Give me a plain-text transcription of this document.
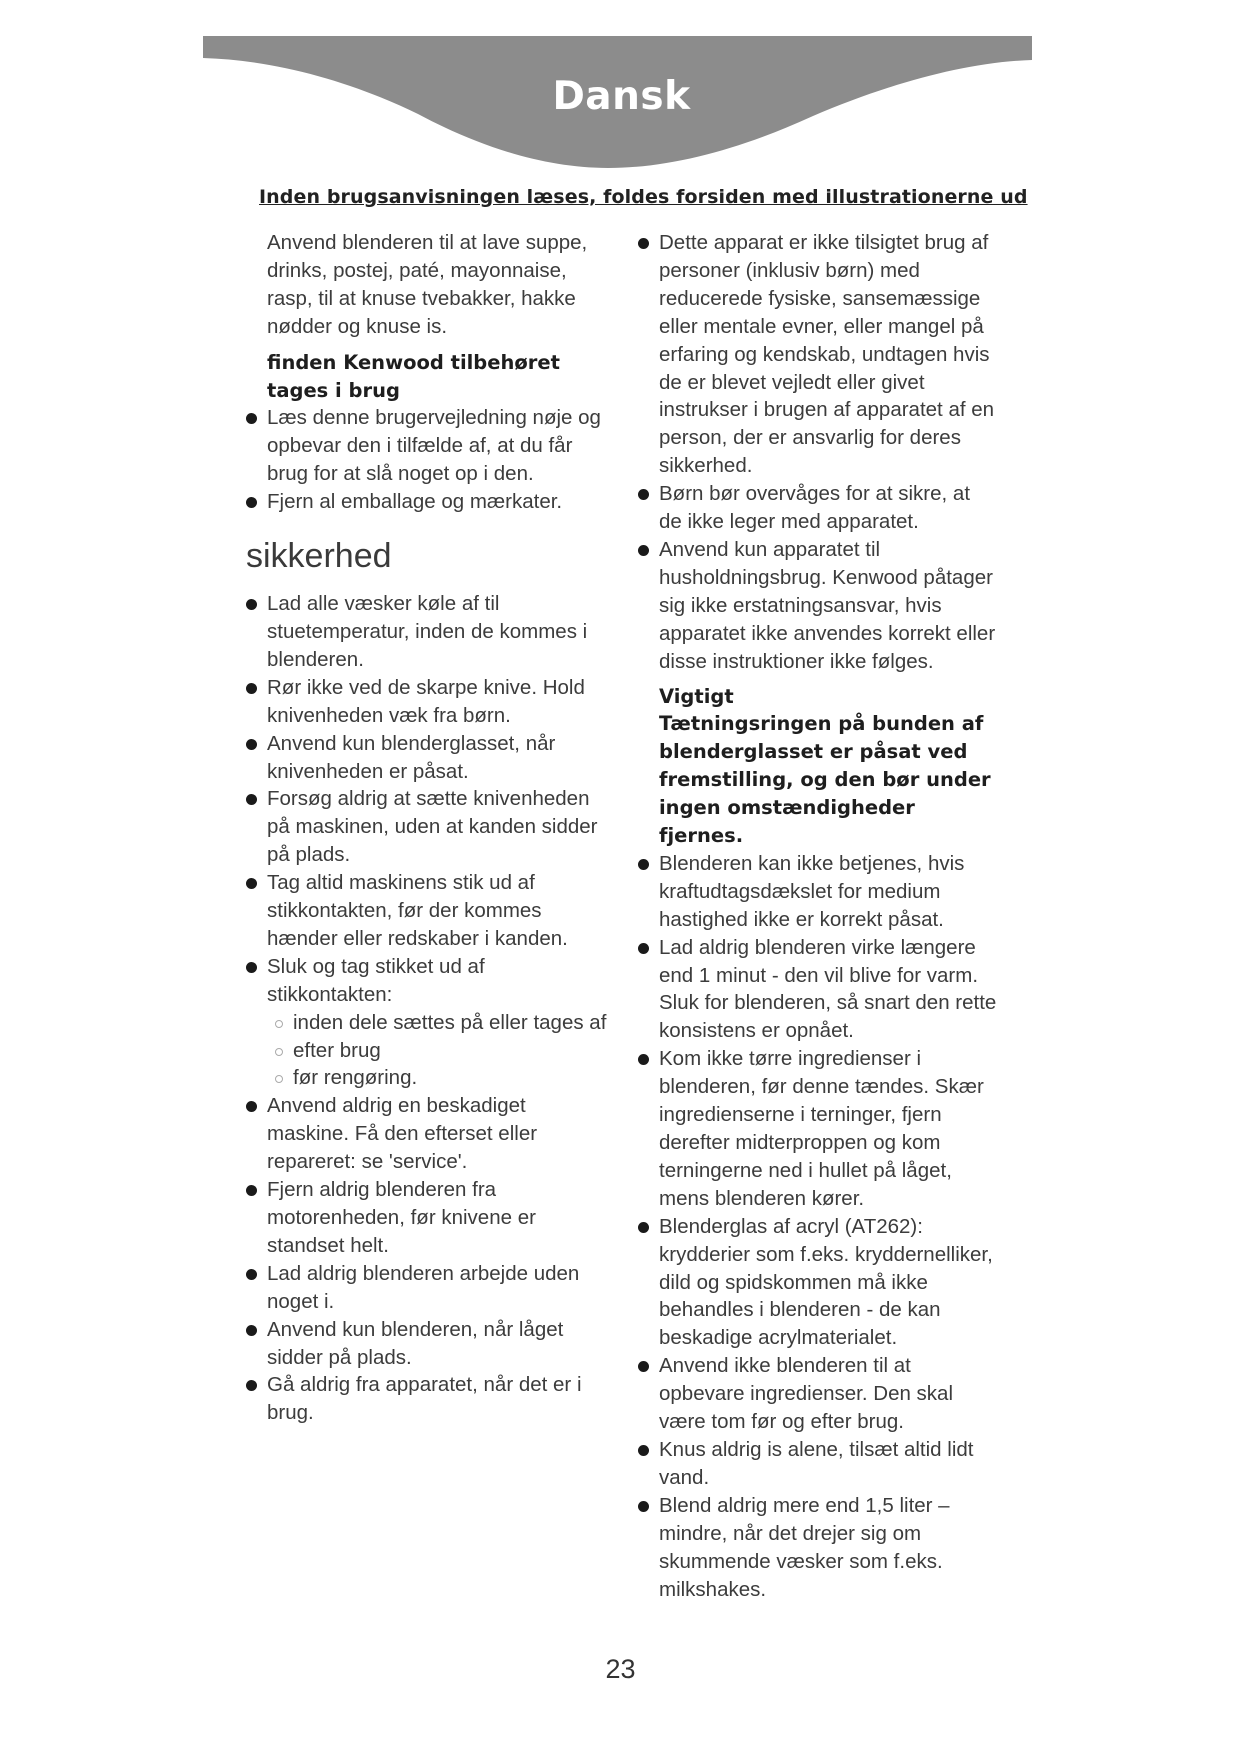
Dansk
Inden brugsanvisningen læses, foldes forsiden med illustrationerne ud

Anvend blenderen til at lave suppe,

drinks, postej, paté, mayonnaise,

rasp, til at knuse tvebakker, hakke

nødder og knuse is.

finden Kenwood tilbehøret

tages i brug

Læs denne brugervejledning nøje og

opbevar den i tilfælde af, at du får

brug for at slå noget op i den.

Fjern al emballage og mærkater.

sikkerhed

Lad alle væsker køle af til

stuetemperatur, inden de kommes i

blenderen.

Rør ikke ved de skarpe knive. Hold

knivenheden væk fra børn.

Anvend kun blenderglasset, når

knivenheden er påsat.

Forsøg aldrig at sætte knivenheden

på maskinen, uden at kanden sidder

på plads.

Tag altid maskinens stik ud af

stikkontakten, før der kommes

hænder eller redskaber i kanden.

Sluk og tag stikket ud af

stikkontakten:

inden dele sættes på eller tages af
efter brug
før rengøring.

Anvend aldrig en beskadiget

maskine. Få den efterset eller

repareret: se 'service'.

Fjern aldrig blenderen fra

motorenheden, før knivene er

standset helt.

Lad aldrig blenderen arbejde uden

noget i.

Anvend kun blenderen, når låget

sidder på plads.

Gå aldrig fra apparatet, når det er i

brug.

Dette apparat er ikke tilsigtet brug af

personer (inklusiv børn) med

reducerede fysiske, sansemæssige

eller mentale evner, eller mangel på

erfaring og kendskab, undtagen hvis

de er blevet vejledt eller givet

instrukser i brugen af apparatet af en

person, der er ansvarlig for deres

sikkerhed.

Børn bør overvåges for at sikre, at

de ikke leger med apparatet.

Anvend kun apparatet til

husholdningsbrug. Kenwood påtager

sig ikke erstatningsansvar, hvis

apparatet ikke anvendes korrekt eller

disse instruktioner ikke følges.

Vigtigt

Tætningsringen på bunden af

blenderglasset er påsat ved

fremstilling, og den bør under

ingen omstændigheder

fjernes.

Blenderen kan ikke betjenes, hvis

kraftudtagsdækslet for medium

hastighed ikke er korrekt påsat.

Lad aldrig blenderen virke længere

end 1 minut - den vil blive for varm.

Sluk for blenderen, så snart den rette

konsistens er opnået.

Kom ikke tørre ingredienser i

blenderen, før denne tændes. Skær

ingredienserne i terninger, fjern

derefter midterproppen og kom

terningerne ned i hullet på låget,

mens blenderen kører.

Blenderglas af acryl (AT262):

krydderier som f.eks. kryddernelliker,

dild og spidskommen må ikke

behandles i blenderen - de kan

beskadige acrylmaterialet.

Anvend ikke blenderen til at

opbevare ingredienser. Den skal

være tom før og efter brug.

Knus aldrig is alene, tilsæt altid lidt

vand.

Blend aldrig mere end 1,5 liter –

mindre, når det drejer sig om

skummende væsker som f.eks.

milkshakes.

23
